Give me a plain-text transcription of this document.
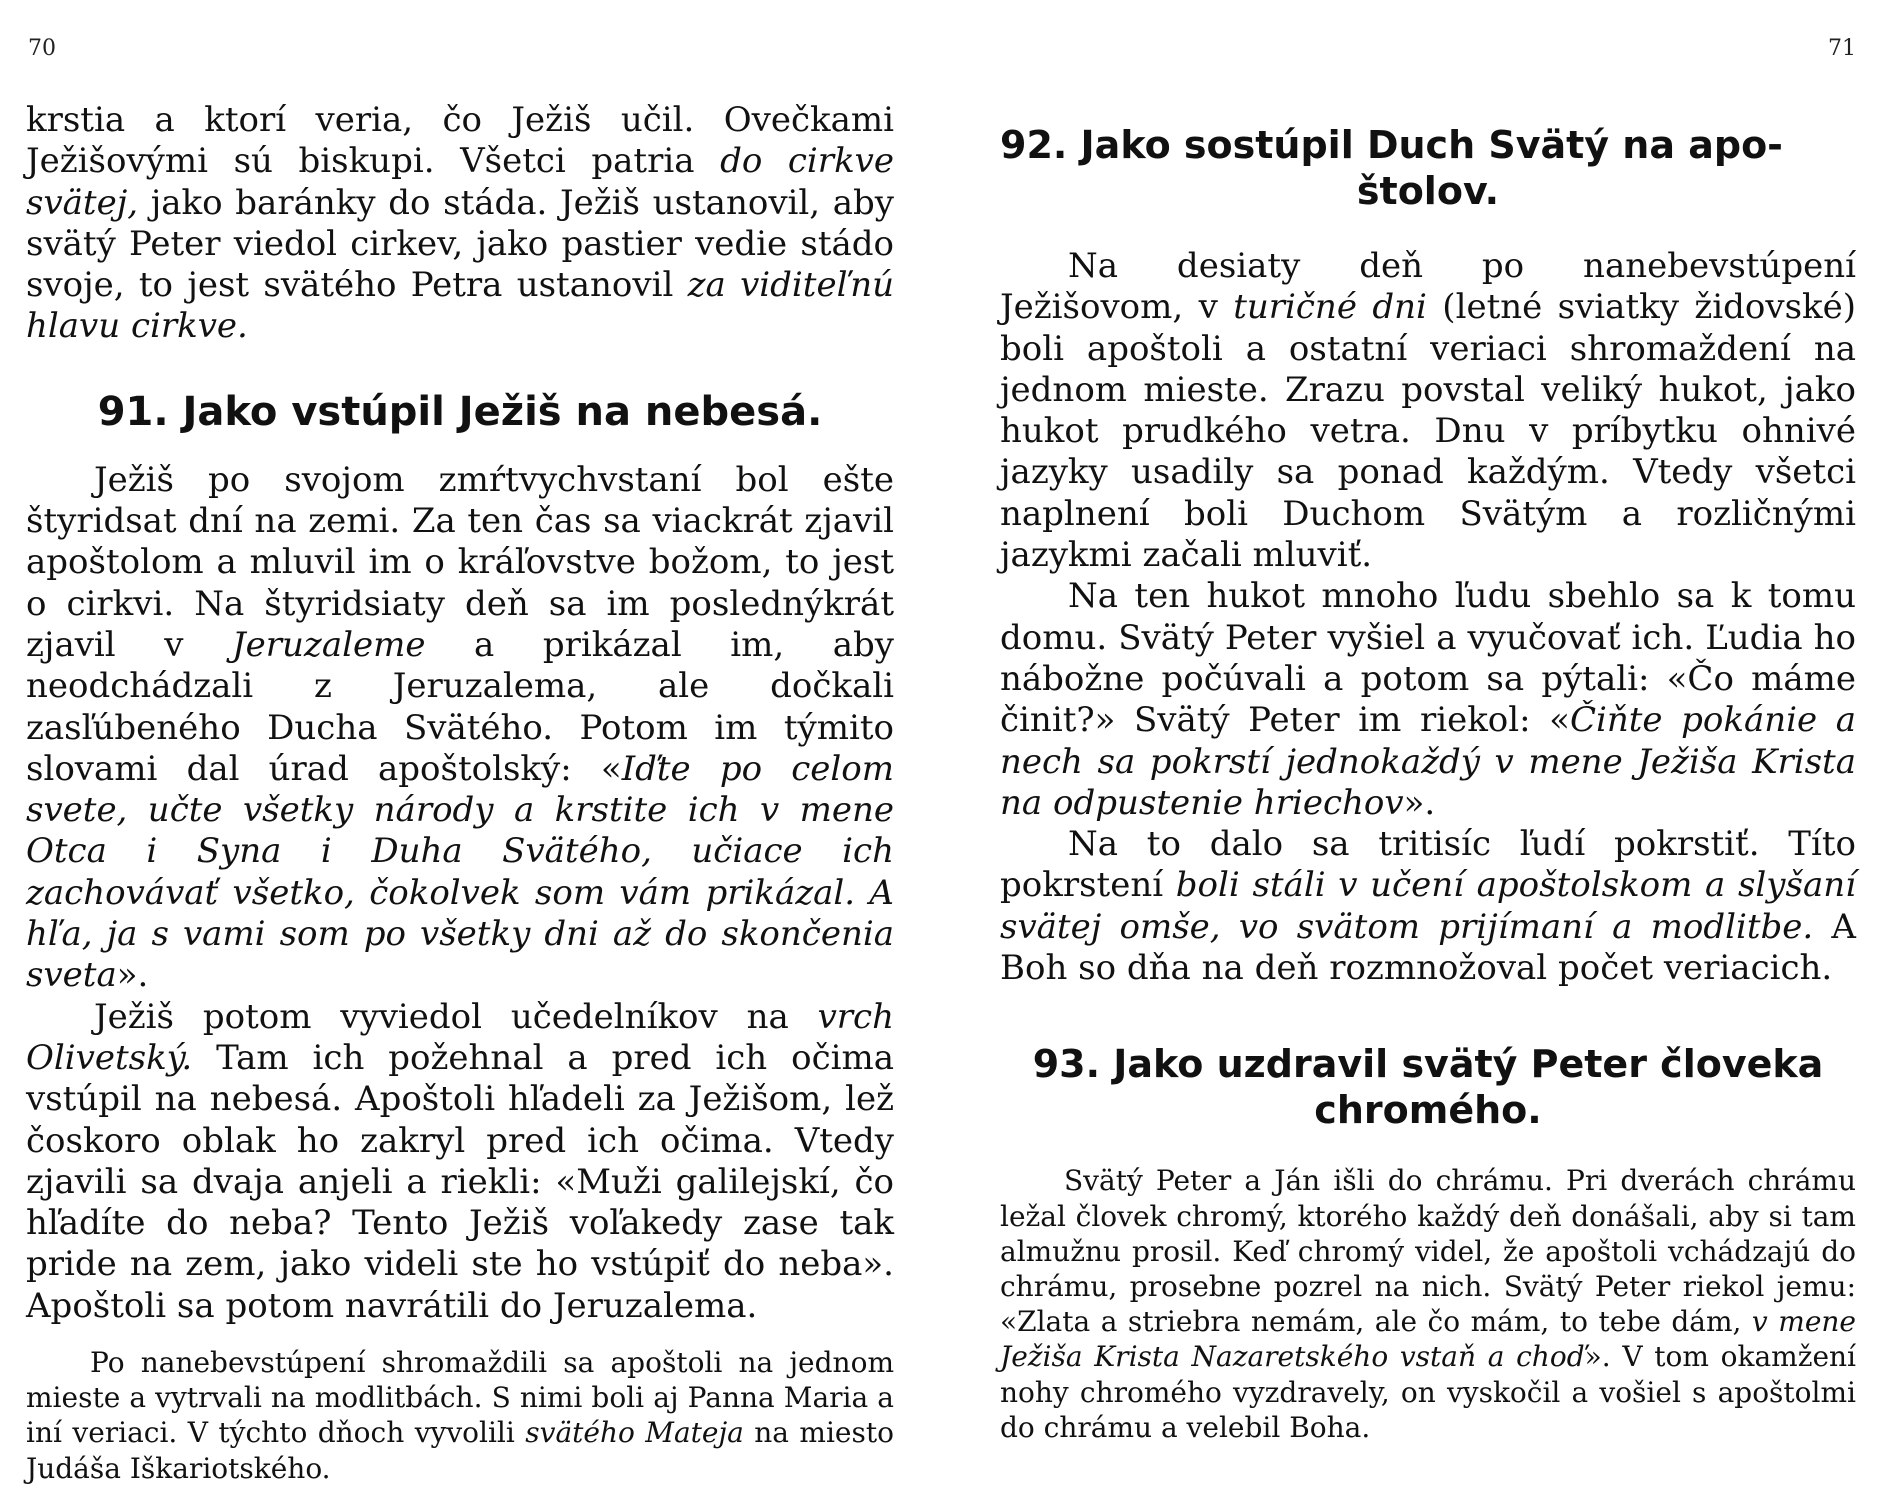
70

krstia a ktorí veria, čo Ježiš učil. Ovečkami Ježišovými sú biskupi. Všetci patria do cirkve svätej, jako baránky do stáda. Ježiš ustanovil, aby svätý Peter viedol cirkev, jako pastier vedie stádo svoje, to jest svätého Petra ustanovil za viditeľnú hlavu cirkve.

91. Jako vstúpil Ježiš na nebesá.

Ježiš po svojom zmŕtvychvstaní bol ešte štyridsat dní na zemi. Za ten čas sa viackrát zjavil apoštolom a mluvil im o kráľovstve božom, to jest o cirkvi. Na štyridsiaty deň sa im poslednýkrát zjavil v Jeruzaleme a prikázal im, aby neodchádzali z Jeruzalema, ale dočkali zasľúbeného Ducha Svätého. Potom im týmito slovami dal úrad apoštolský: «Iďte po celom svete, učte všetky národy a krstite ich v mene Otca i Syna i Duha Svätého, učiace ich zachovávať všetko, čokolvek som vám prikázal. A hľa, ja s vami som po všetky dni až do skončenia sveta».

Ježiš potom vyviedol učedelníkov na vrch Olivetský. Tam ich požehnal a pred ich očima vstúpil na nebesá. Apoštoli hľadeli za Ježišom, lež čoskoro oblak ho zakryl pred ich očima. Vtedy zjavili sa dvaja anjeli a riekli: «Muži galilejskí, čo hľadíte do neba? Tento Ježiš voľakedy zase tak pride na zem, jako videli ste ho vstúpiť do neba». Apoštoli sa potom navrátili do Jeruzalema.

Po nanebevstúpení shromaždili sa apoštoli na jednom mieste a vytrvali na modlitbách. S nimi boli aj Panna Maria a iní veriaci. V týchto dňoch vyvolili svätého Mateja na miesto Judáša Iškariotského.

71
92. Jako sostúpil Duch Svätý na apo-
štolov.

Na desiaty deň po nanebevstúpení Ježišovom, v turičné dni (letné sviatky židovské) boli apoštoli a ostatní veriaci shromaždení na jednom mieste. Zrazu povstal veliký hukot, jako hukot prudkého vetra. Dnu v príbytku ohnivé jazyky usadily sa ponad každým. Vtedy všetci naplnení boli Duchom Svätým a rozličnými jazykmi začali mluviť.

Na ten hukot mnoho ľudu sbehlo sa k tomu domu. Svätý Peter vyšiel a vyučovať ich. Ľudia ho nábožne počúvali a potom sa pýtali: «Čo máme činit?» Svätý Peter im riekol: «Čiňte pokánie a nech sa pokrstí jednokaždý v mene Ježiša Krista na odpustenie hriechov».

Na to dalo sa tritisíc ľudí pokrstiť. Títo pokrstení boli stáli v učení apoštolskom a slyšaní svätej omše, vo svätom prijímaní a modlitbe. A Boh so dňa na deň rozmnožoval počet veriacich.

93. Jako uzdravil svätý Peter človeka chromého.

Svätý Peter a Ján išli do chrámu. Pri dverách chrámu ležal človek chromý, ktorého každý deň donášali, aby si tam almužnu prosil. Keď chromý videl, že apoštoli vchádzajú do chrámu, prosebne pozrel na nich. Svätý Peter riekol jemu: «Zlata a striebra nemám, ale čo mám, to tebe dám, v mene Ježiša Krista Nazaretského vstaň a choď». V tom okamžení nohy chromého vyzdravely, on vyskočil a vošiel s apoštolmi do chrámu a velebil Boha.
